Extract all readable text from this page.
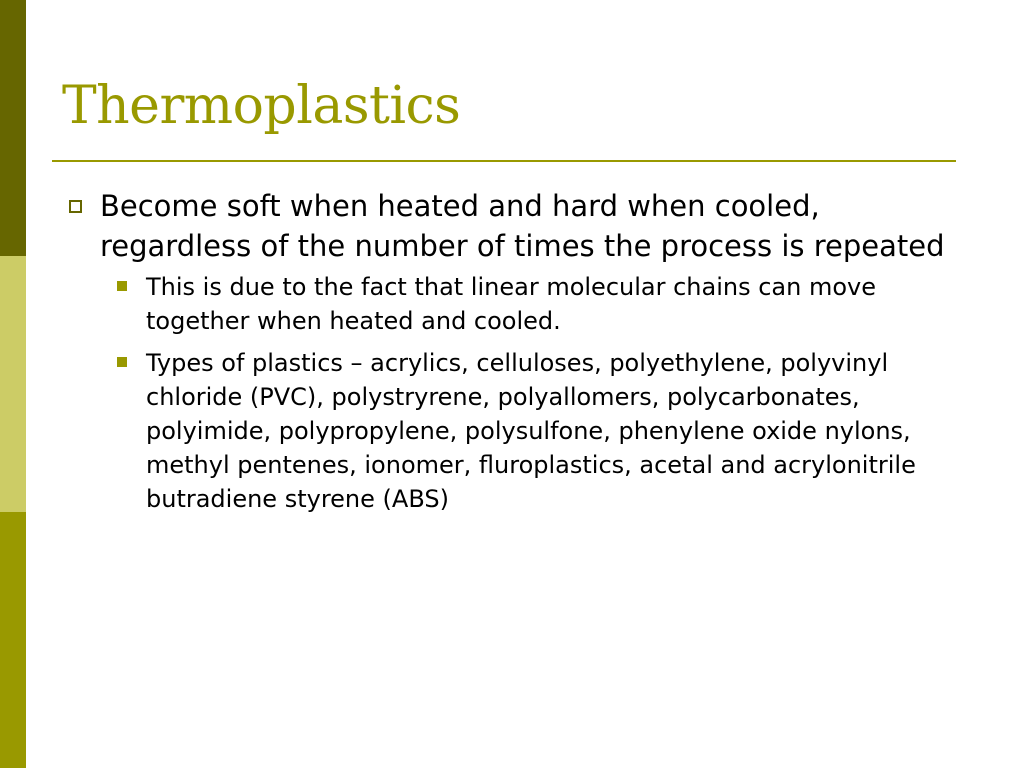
Thermoplastics
Become soft when heated and hard when cooled, regardless of the number of times the process is repeated
This is due to the fact that linear molecular chains can move together when heated and cooled.
Types of plastics – acrylics, celluloses, polyethylene, polyvinyl chloride (PVC), polystryrene, polyallomers, polycarbonates, polyimide, polypropylene, polysulfone, phenylene oxide nylons, methyl pentenes, ionomer, fluroplastics, acetal and acrylonitrile butradiene styrene (ABS)
